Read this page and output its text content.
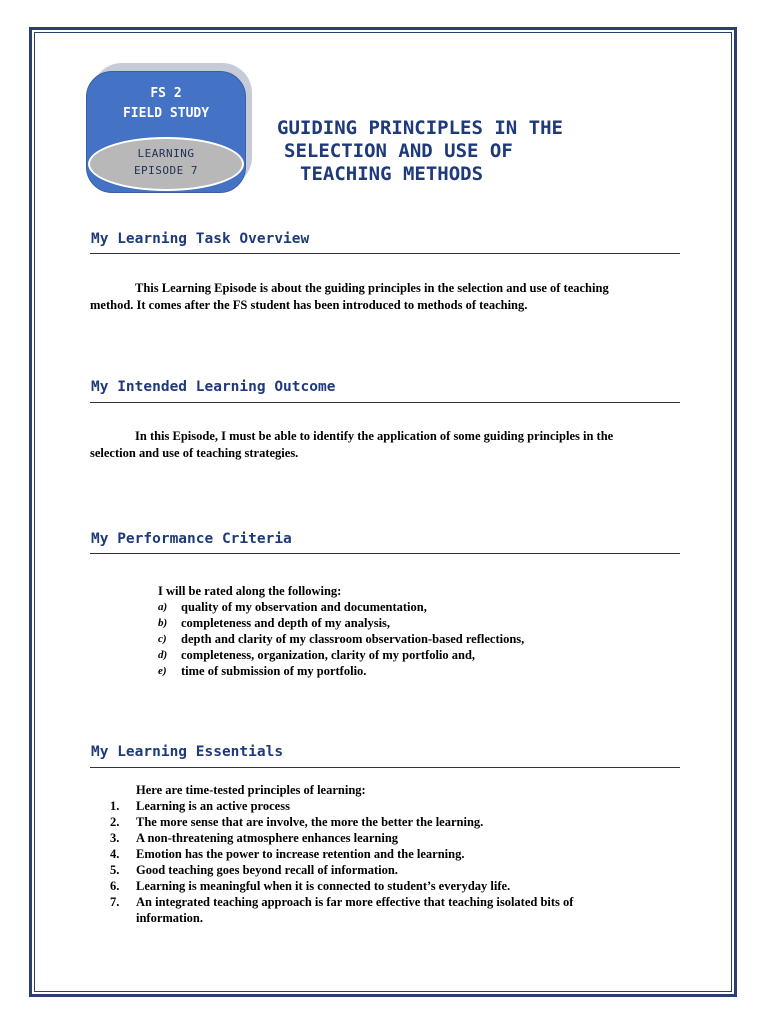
FS 2
FIELD STUDY
LEARNING
EPISODE 7
GUIDING PRINCIPLES IN THE
SELECTION AND USE OF
TEACHING METHODS
My Learning Task Overview
This Learning Episode is about the guiding principles in the selection and use of teaching
method. It comes after the FS student has been introduced to methods of teaching.
My Intended Learning Outcome
In this Episode, I must be able to identify the application of some guiding principles in the
selection and use of teaching strategies.
My Performance Criteria
I will be rated along the following:
a) quality of my observation and documentation,
b) completeness and depth of my analysis,
c) depth and clarity of my classroom observation-based reflections,
d) completeness, organization, clarity of my portfolio and,
e) time of submission of my portfolio.
My Learning Essentials
Here are time-tested principles of learning:
1. Learning is an active process
2. The more sense that are involve, the more the better the learning.
3. A non-threatening atmosphere enhances learning
4. Emotion has the power to increase retention and the learning.
5. Good teaching goes beyond recall of information.
6. Learning is meaningful when it is connected to student’s everyday life.
7. An integrated teaching approach is far more effective that teaching isolated bits of
information.
